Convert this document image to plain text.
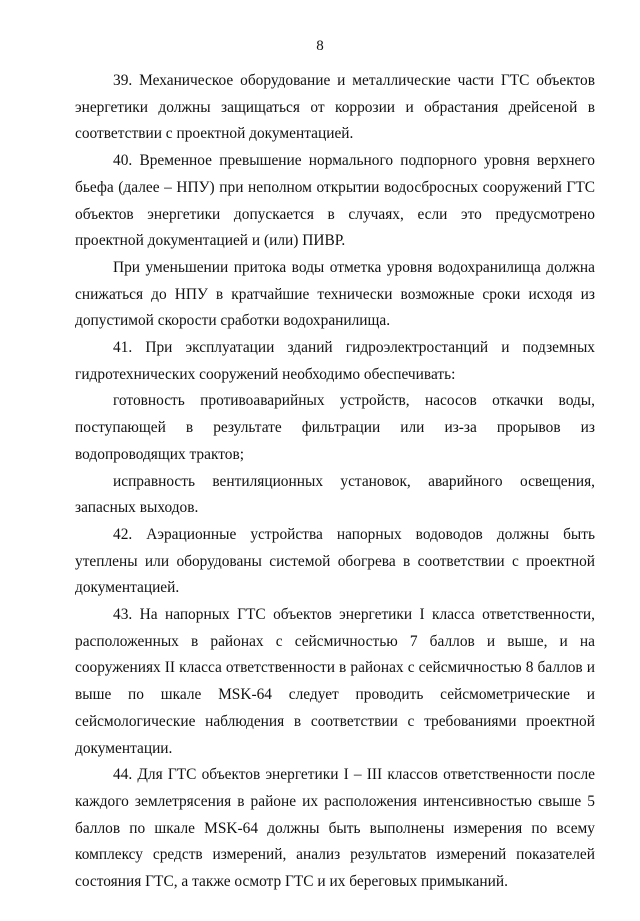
8

39. Механическое оборудование и металлические части ГТС объектов энергетики должны защищаться от коррозии и обрастания дрейсеной в соответствии с проектной документацией.

40. Временное превышение нормального подпорного уровня верхнего бьефа (далее – НПУ) при неполном открытии водосбросных сооружений ГТС объектов энергетики допускается в случаях, если это предусмотрено проектной документацией и (или) ПИВР.

При уменьшении притока воды отметка уровня водохранилища должна снижаться до НПУ в кратчайшие технически возможные сроки исходя из допустимой скорости сработки водохранилища.

41. При эксплуатации зданий гидроэлектростанций и подземных гидротехнических сооружений необходимо обеспечивать:

готовность противоаварийных устройств, насосов откачки воды, поступающей в результате фильтрации или из-за прорывов из водопроводящих трактов;

исправность вентиляционных установок, аварийного освещения, запасных выходов.

42. Аэрационные устройства напорных водоводов должны быть утеплены или оборудованы системой обогрева в соответствии с проектной документацией.

43. На напорных ГТС объектов энергетики I класса ответственности, расположенных в районах с сейсмичностью 7 баллов и выше, и на сооружениях II класса ответственности в районах с сейсмичностью 8 баллов и выше по шкале MSK-64 следует проводить сейсмометрические и сейсмологические наблюдения в соответствии с требованиями проектной документации.

44. Для ГТС объектов энергетики I – III классов ответственности после каждого землетрясения в районе их расположения интенсивностью свыше 5 баллов по шкале MSK-64 должны быть выполнены измерения по всему комплексу средств измерений, анализ результатов измерений показателей состояния ГТС, а также осмотр ГТС и их береговых примыканий.
